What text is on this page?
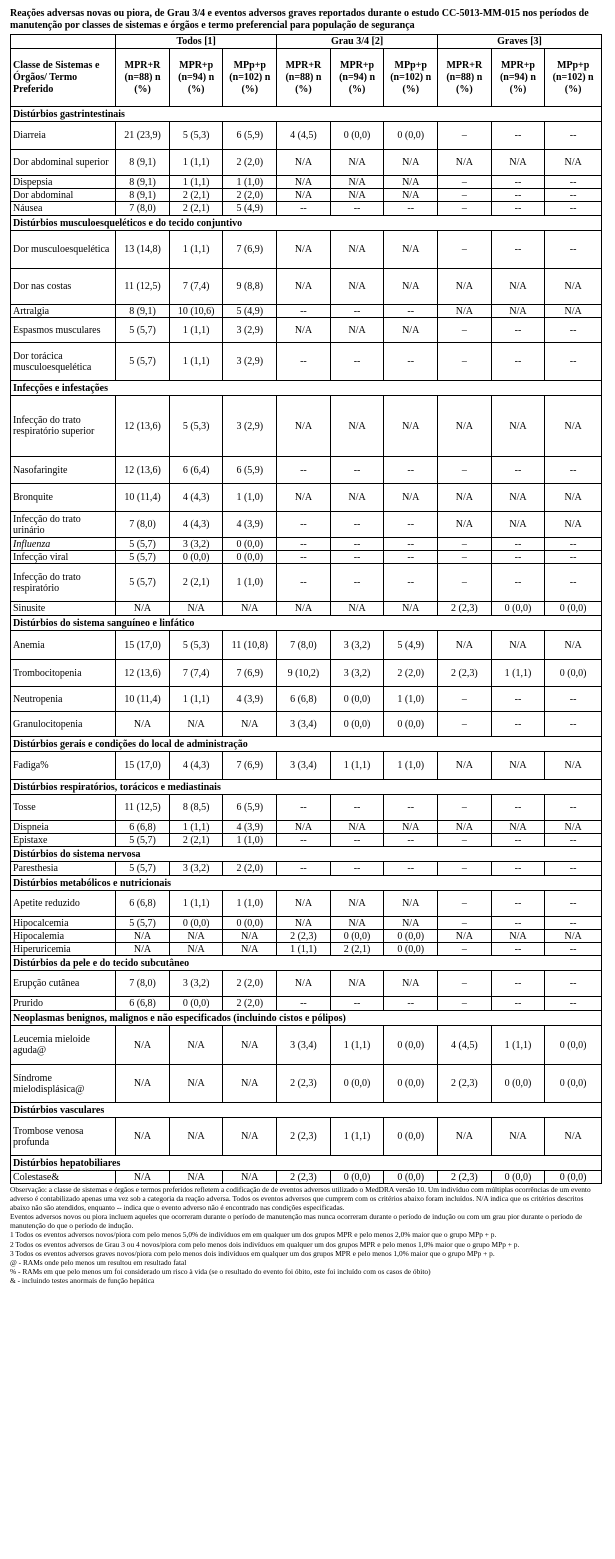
Reações adversas novas ou piora, de Grau 3/4 e eventos adversos graves reportados durante o estudo CC-5013-MM-015 nos períodos de manutenção por classes de sistemas e órgãos e termo preferencial para população de segurança
	Todos [1]			Grau 3/4 [2]			Graves [3]		
Classe de Sistemas e Órgãos/ Termo Preferido	MPR+R (n=88) n (%)	MPR+p (n=94) n (%)	MPp+p (n=102) n (%)	MPR+R (n=88) n (%)	MPR+p (n=94) n (%)	MPp+p (n=102) n (%)	MPR+R (n=88) n (%)	MPR+p (n=94) n (%)	MPp+p (n=102) n (%)
Distúrbios gastrintestinais									
Diarreia	21 (23,9)	5 (5,3)	6 (5,9)	4 (4,5)	0 (0,0)	0 (0,0)	–	--	--
Dor abdominal superior	8 (9,1)	1 (1,1)	2 (2,0)	N/A	N/A	N/A	N/A	N/A	N/A
Dispepsia	8 (9,1)	1 (1,1)	1 (1,0)	N/A	N/A	N/A	–	--	--
Dor abdominal	8 (9,1)	2 (2,1)	2 (2,0)	N/A	N/A	N/A	–	--	--
Náusea	7 (8,0)	2 (2,1)	5 (4,9)	--	--	--	–	--	--
Distúrbios musculoesqueléticos e do tecido conjuntivo									
Dor musculoesquelética	13 (14,8)	1 (1,1)	7 (6,9)	N/A	N/A	N/A	–	--	--
Dor nas costas	11 (12,5)	7 (7,4)	9 (8,8)	N/A	N/A	N/A	N/A	N/A	N/A
Artralgia	8 (9,1)	10 (10,6)	5 (4,9)	--	--	--	N/A	N/A	N/A
Espasmos musculares	5 (5,7)	1 (1,1)	3 (2,9)	N/A	N/A	N/A	–	--	--
Dor torácica musculoesquelética	5 (5,7)	1 (1,1)	3 (2,9)	--	--	--	–	--	--
Infecções e infestações									
Infecção do trato respiratório superior	12 (13,6)	5 (5,3)	3 (2,9)	N/A	N/A	N/A	N/A	N/A	N/A
Nasofaringite	12 (13,6)	6 (6,4)	6 (5,9)	--	--	--	–	--	--
Bronquite	10 (11,4)	4 (4,3)	1 (1,0)	N/A	N/A	N/A	N/A	N/A	N/A
Infecção do trato urinário	7 (8,0)	4 (4,3)	4 (3,9)	--	--	--	N/A	N/A	N/A
Influenza	5 (5,7)	3 (3,2)	0 (0,0)	--	--	--	–	--	--
Infecção viral	5 (5,7)	0 (0,0)	0 (0,0)	--	--	--	–	--	--
Infecção do trato respiratório	5 (5,7)	2 (2,1)	1 (1,0)	--	--	--	–	--	--
Sinusite	N/A	N/A	N/A	N/A	N/A	N/A	2 (2,3)	0 (0,0)	0 (0,0)
Distúrbios do sistema sanguíneo e linfático									
Anemia	15 (17,0)	5 (5,3)	11 (10,8)	7 (8,0)	3 (3,2)	5 (4,9)	N/A	N/A	N/A
Trombocitopenia	12 (13,6)	7 (7,4)	7 (6,9)	9 (10,2)	3 (3,2)	2 (2,0)	2 (2,3)	1 (1,1)	0 (0,0)
Neutropenia	10 (11,4)	1 (1,1)	4 (3,9)	6 (6,8)	0 (0,0)	1 (1,0)	–	--	--
Granulocitopenia	N/A	N/A	N/A	3 (3,4)	0 (0,0)	0 (0,0)	–	--	--
Distúrbios gerais e condições do local de administração									
Fadiga%	15 (17,0)	4 (4,3)	7 (6,9)	3 (3,4)	1 (1,1)	1 (1,0)	N/A	N/A	N/A
Distúrbios respiratórios, torácicos e mediastinais									
Tosse	11 (12,5)	8 (8,5)	6 (5,9)	--	--	--	–	--	--
Dispneia	6 (6,8)	1 (1,1)	4 (3,9)	N/A	N/A	N/A	N/A	N/A	N/A
Epistaxe	5 (5,7)	2 (2,1)	1 (1,0)	--	--	--	–	--	--
Distúrbios do sistema nervosa									
Paresthesia	5 (5,7)	3 (3,2)	2 (2,0)	--	--	--	–	--	--
Distúrbios metabólicos e nutricionais									
Apetite reduzido	6 (6,8)	1 (1,1)	1 (1,0)	N/A	N/A	N/A	–	--	--
Hipocalcemia	5 (5,7)	0 (0,0)	0 (0,0)	N/A	N/A	N/A	–	--	--
Hipocalemia	N/A	N/A	N/A	2 (2,3)	0 (0,0)	0 (0,0)	N/A	N/A	N/A
Hiperuricemia	N/A	N/A	N/A	1 (1,1)	2 (2,1)	0 (0,0)	–	--	--
Distúrbios da pele e do tecido subcutâneo									
Erupção cutânea	7 (8,0)	3 (3,2)	2 (2,0)	N/A	N/A	N/A	–	--	--
Prurido	6 (6,8)	0 (0,0)	2 (2,0)	--	--	--	–	--	--
Neoplasmas benignos, malignos e não especificados (incluindo cistos e pólipos)									
Leucemia mieloide aguda@	N/A	N/A	N/A	3 (3,4)	1 (1,1)	0 (0,0)	4 (4,5)	1 (1,1)	0 (0,0)
Síndrome mielodisplásica@	N/A	N/A	N/A	2 (2,3)	0 (0,0)	0 (0,0)	2 (2,3)	0 (0,0)	0 (0,0)
Distúrbios vasculares									
Trombose venosa profunda	N/A	N/A	N/A	2 (2,3)	1 (1,1)	0 (0,0)	N/A	N/A	N/A
Distúrbios hepatobiliares									
Colestase&	N/A	N/A	N/A	2 (2,3)	0 (0,0)	0 (0,0)	2 (2,3)	0 (0,0)	0 (0,0)
Observação: a classe de sistemas e órgãos e termos preferidos refletem a codificação de de eventos adversos utilizado o MedDRA versão 10. Um indivíduo com múltiplas ocorrências de um evento adverso é contabilizado apenas uma vez sob a categoria da reação adversa. Todos os eventos adversos que cumprem com os critérios abaixo foram incluídos. N/A indica que os critérios descritos abaixo não são atendidos, enquanto -- indica que o evento adverso não é encontrado nas condições especificadas.
Eventos adversos novos ou piora incluem aqueles que ocorreram durante o período de manutenção mas nunca ocorreram durante o período de indução ou com um grau pior durante o período de manutenção do que o período de indução.
1 Todos os eventos adversos novos/piora com pelo menos 5,0% de indivíduos em em qualquer um dos grupos MPR e pelo menos 2,0% maior que o grupo MPp + p.
2 Todos os eventos adversos de Grau 3 ou 4 novos/piora com pelo menos dois indivíduos em qualquer um dos grupos MPR e pelo menos 1,0% maior que o grupo MPp + p.
3 Todos os eventos adversos graves novos/piora com pelo menos dois indivíduos em qualquer um dos grupos MPR e pelo menos 1,0% maior que o grupo MPp + p.
@ - RAMs onde pelo menos um resultou em resultado fatal
% - RAMs em que pelo menos um foi considerado um risco à vida (se o resultado do evento foi óbito, este foi incluído com os casos de óbito)
& - incluindo testes anormais de função hepática
